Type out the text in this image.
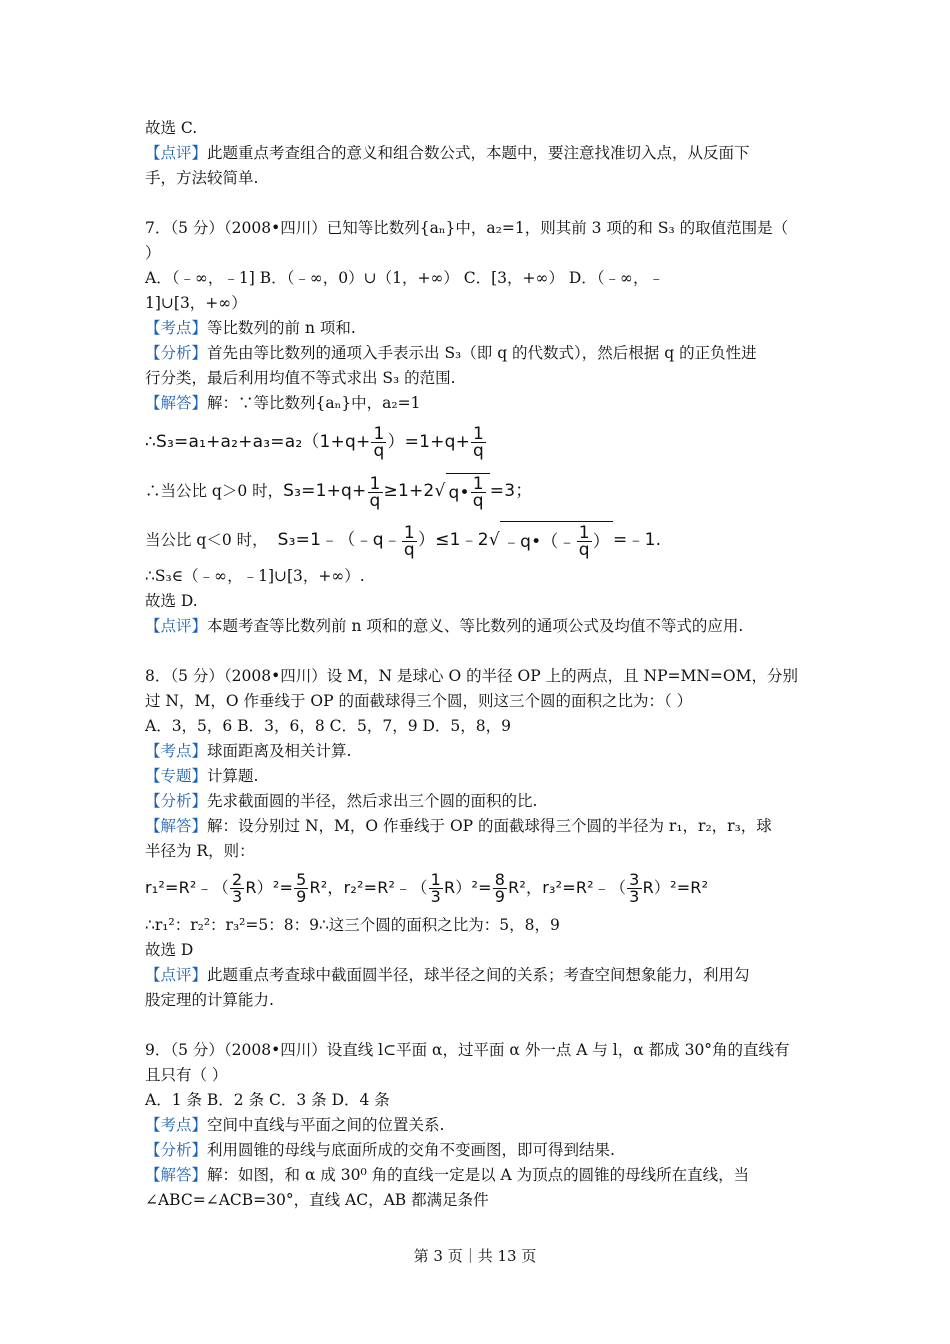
故选 C.
【点评】此题重点考查组合的意义和组合数公式，本题中，要注意找准切入点，从反面下
手，方法较简单.
7．（5 分）（2008•四川）已知等比数列{aₙ}中，a₂=1，则其前 3 项的和 S₃ 的取值范围是（
）
A．（﹣∞，﹣1] B．（﹣∞，0）∪（1，+∞） C．[3，+∞） D．（﹣∞，﹣
1]∪[3，+∞）
【考点】等比数列的前 n 项和.
【分析】首先由等比数列的通项入手表示出 S₃（即 q 的代数式），然后根据 q 的正负性进
行分类，最后利用均值不等式求出 S₃ 的范围.
【解答】解：∵等比数列{aₙ}中，a₂=1
∴S₃=a₁+a₂+a₃=a₂（1+q+ $\frac{1}{q} )=1+q+ \frac{1}{q}$
∴当公比 q＞0 时，$S_3=1+q+ \frac{1}{q} \ge 1+2√$ q• $\frac{1}{q} =3$；
当公比 q＜0 时， S₃=1﹣（﹣q﹣ $\frac{1}{q}$ ）≤1﹣2√ ﹣q•（﹣ $\frac{1}{q}$ ） =﹣1.
∴S₃∈（﹣∞，﹣1]∪[3，+∞）.
故选 D.
【点评】本题考查等比数列前 n 项和的意义、等比数列的通项公式及均值不等式的应用.
8．（5 分）（2008•四川）设 M，N 是球心 O 的半径 OP 上的两点，且 NP=MN=OM，分别
过 N，M，O 作垂线于 OP 的面截球得三个圆，则这三个圆的面积之比为：（ ）
A．3，5，6 B．3，6，8 C．5，7，9 D．5，8，9
【考点】球面距离及相关计算.
【专题】计算题.
【分析】先求截面圆的半径，然后求出三个圆的面积的比.
【解答】解：设分别过 N，M，O 作垂线于 OP 的面截球得三个圆的半径为 r₁，r₂，r₃，球
半径为 R，则：
r₁²=R²﹣（ $\frac{2}{3} R)^2= \frac{5}{9} R^2$，r₂²=R²﹣（ $\frac{1}{3} R)^2= \frac{8}{9} R^2$，r₃²=R²﹣（ $\frac{3}{3} R)^2=R^2$
∴r₁²：r₂²：r₃²=5：8：9∴这三个圆的面积之比为：5，8，9
故选 D
【点评】此题重点考查球中截面圆半径，球半径之间的关系；考查空间想象能力，利用勾
股定理的计算能力.
9．（5 分）（2008•四川）设直线 l⊂平面 α，过平面 α 外一点 A 与 l，α 都成 30°角的直线有
且只有（ ）
A．1 条 B．2 条 C．3 条 D．4 条
【考点】空间中直线与平面之间的位置关系.
【分析】利用圆锥的母线与底面所成的交角不变画图，即可得到结果.
【解答】解：如图，和 α 成 30⁰ 角的直线一定是以 A 为顶点的圆锥的母线所在直线，当
∠ABC=∠ACB=30°，直线 AC，AB 都满足条件
第 3 页｜共 13 页
